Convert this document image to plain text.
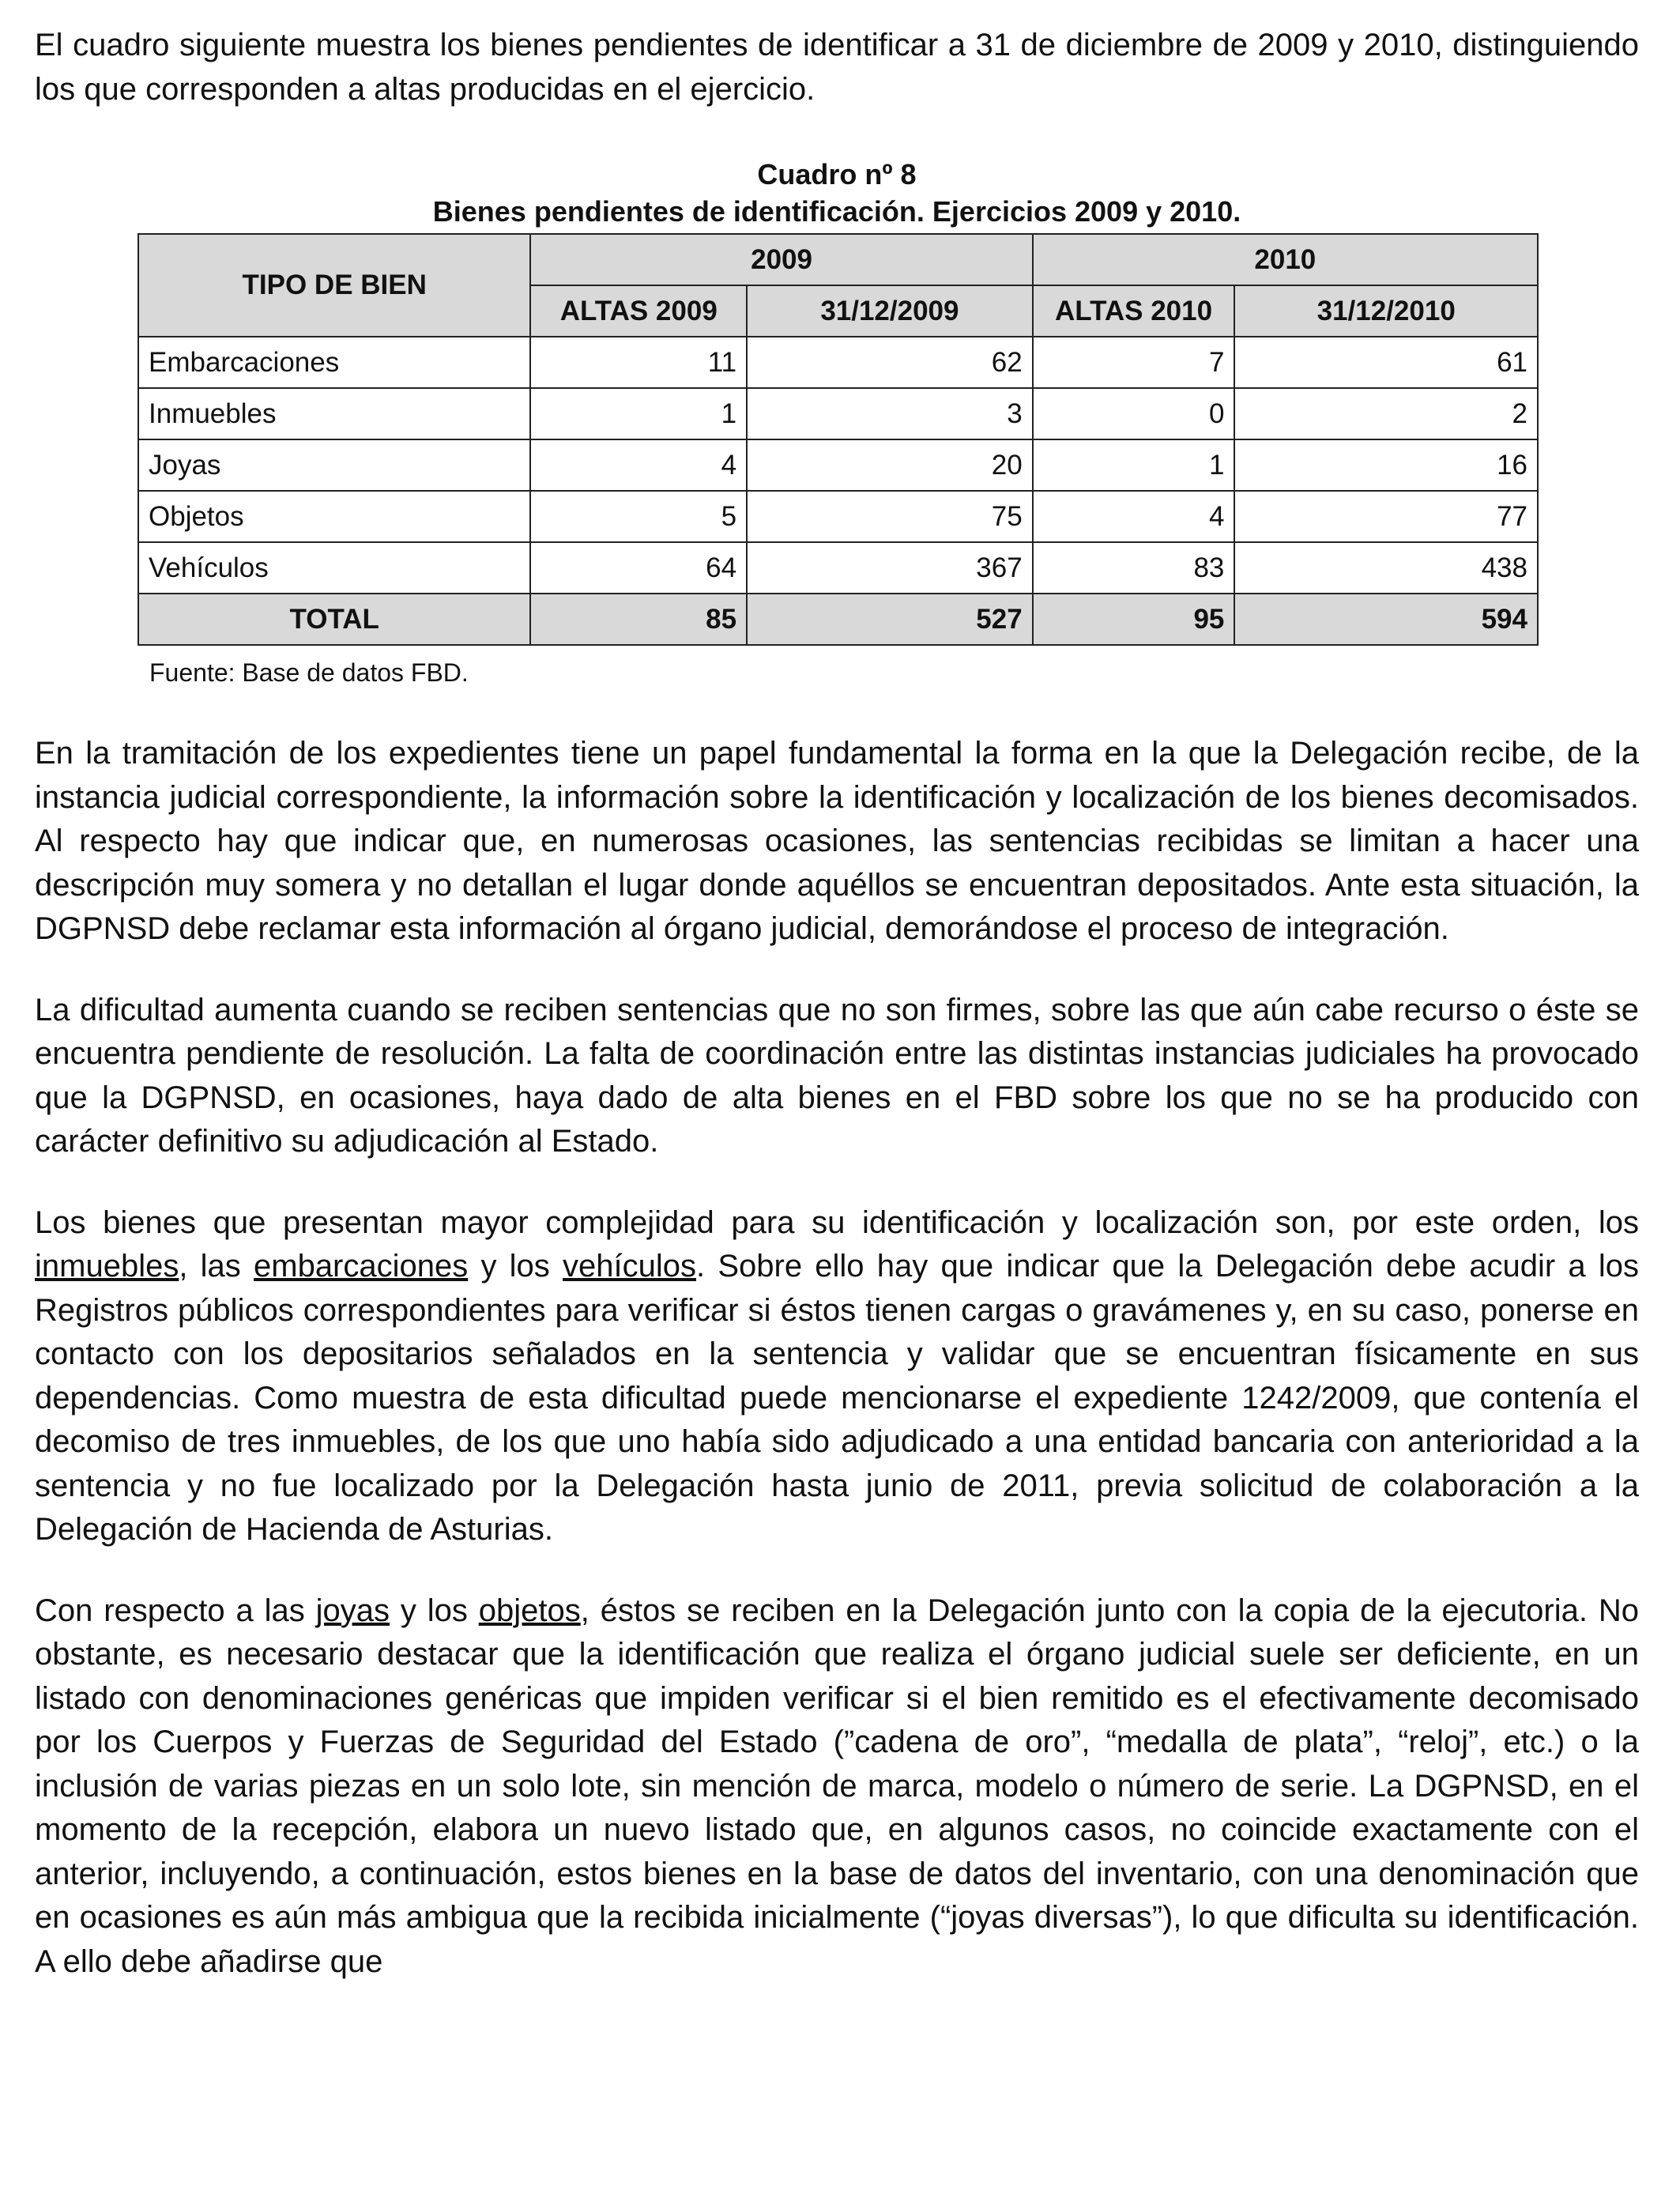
El cuadro siguiente muestra los bienes pendientes de identificar a 31 de diciembre de 2009 y 2010, distinguiendo los que corresponden a altas producidas en el ejercicio.

Cuadro nº 8
Bienes pendientes de identificación. Ejercicios 2009 y 2010.
TIPO DE BIEN	2009		2010	
	ALTAS 2009	31/12/2009	ALTAS 2010	31/12/2010
Embarcaciones	11	62	7	61
Inmuebles	1	3	0	2
Joyas	4	20	1	16
Objetos	5	75	4	77
Vehículos	64	367	83	438
TOTAL	85	527	95	594
Fuente: Base de datos FBD.

En la tramitación de los expedientes tiene un papel fundamental la forma en la que la Delegación recibe, de la instancia judicial correspondiente, la información sobre la identificación y localización de los bienes decomisados. Al respecto hay que indicar que, en numerosas ocasiones, las sentencias recibidas se limitan a hacer una descripción muy somera y no detallan el lugar donde aquéllos se encuentran depositados. Ante esta situación, la DGPNSD debe reclamar esta información al órgano judicial, demorándose el proceso de integración.

La dificultad aumenta cuando se reciben sentencias que no son firmes, sobre las que aún cabe recurso o éste se encuentra pendiente de resolución. La falta de coordinación entre las distintas instancias judiciales ha provocado que la DGPNSD, en ocasiones, haya dado de alta bienes en el FBD sobre los que no se ha producido con carácter definitivo su adjudicación al Estado.

Los bienes que presentan mayor complejidad para su identificación y localización son, por este orden, los inmuebles, las embarcaciones y los vehículos. Sobre ello hay que indicar que la Delegación debe acudir a los Registros públicos correspondientes para verificar si éstos tienen cargas o gravámenes y, en su caso, ponerse en contacto con los depositarios señalados en la sentencia y validar que se encuentran físicamente en sus dependencias. Como muestra de esta dificultad puede mencionarse el expediente 1242/2009, que contenía el decomiso de tres inmuebles, de los que uno había sido adjudicado a una entidad bancaria con anterioridad a la sentencia y no fue localizado por la Delegación hasta junio de 2011, previa solicitud de colaboración a la Delegación de Hacienda de Asturias.

Con respecto a las joyas y los objetos, éstos se reciben en la Delegación junto con la copia de la ejecutoria. No obstante, es necesario destacar que la identificación que realiza el órgano judicial suele ser deficiente, en un listado con denominaciones genéricas que impiden verificar si el bien remitido es el efectivamente decomisado por los Cuerpos y Fuerzas de Seguridad del Estado (”cadena de oro”, “medalla de plata”, “reloj”, etc.) o la inclusión de varias piezas en un solo lote, sin mención de marca, modelo o número de serie. La DGPNSD, en el momento de la recepción, elabora un nuevo listado que, en algunos casos, no coincide exactamente con el anterior, incluyendo, a continuación, estos bienes en la base de datos del inventario, con una denominación que en ocasiones es aún más ambigua que la recibida inicialmente (“joyas diversas”), lo que dificulta su identificación. A ello debe añadirse que
